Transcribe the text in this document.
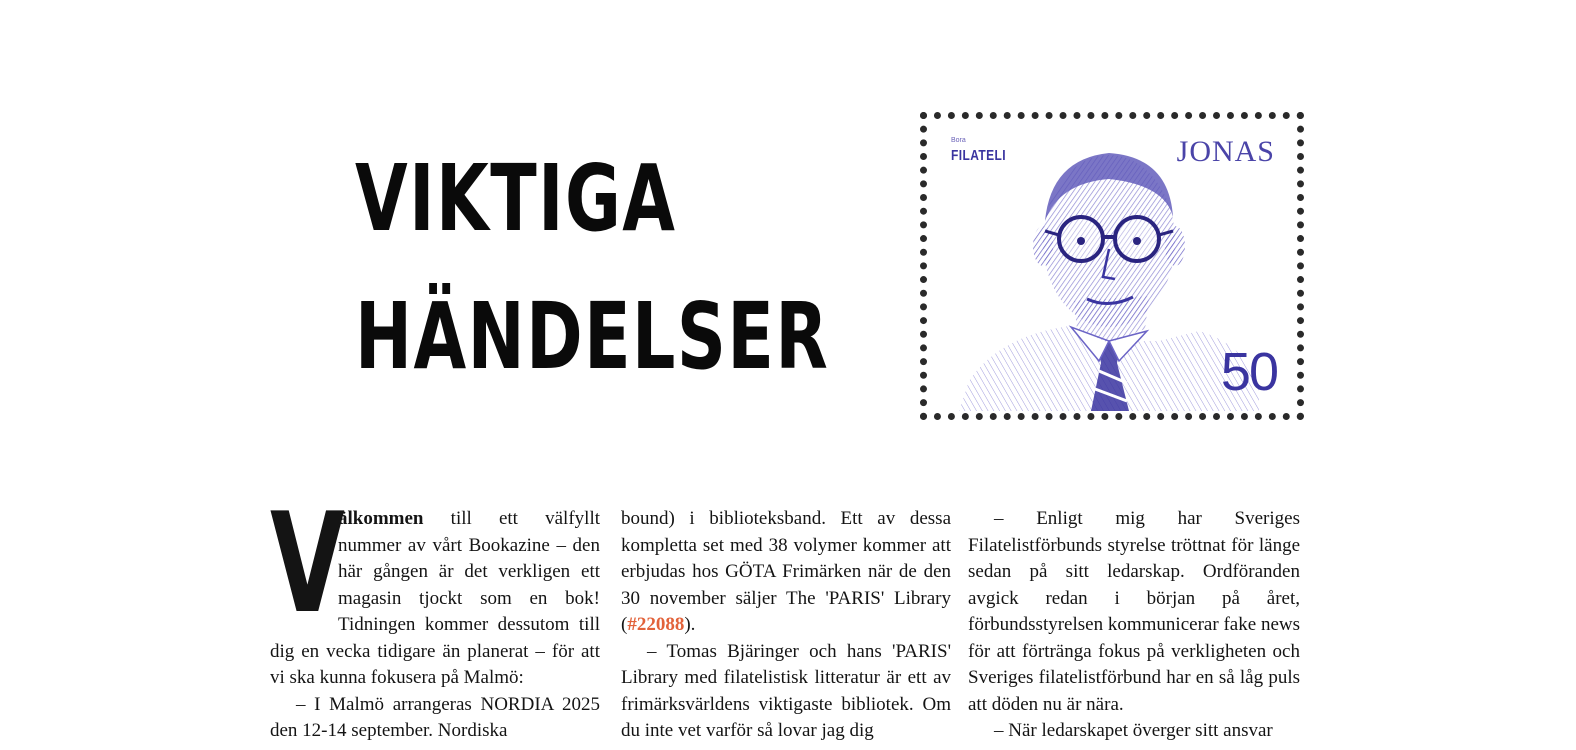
VIKTIGA
HÄNDELSER
Bora
FILATELI	JONAS
50

V
älkommen till ett välfyllt nummer av vårt Bookazine – den här gången är det verkligen ett magasin tjockt som en bok! Tidningen kommer dessutom till dig en vecka tidigare än planerat – för att vi ska kunna fokusera på Malmö:

– I Malmö arrangeras NORDIA 2025 den 12-14 september. Nordiska

bound) i biblioteksband. Ett av dessa kompletta set med 38 volymer kommer att erbjudas hos GÖTA Frimärken när de den 30 november säljer The 'PARIS' Library (#22088).

– Tomas Bjäringer och hans 'PARIS' Library med filatelistisk litteratur är ett av frimärksvärldens viktigaste bibliotek. Om du inte vet varför så lovar jag dig

– Enligt mig har Sveriges Filatelistförbunds styrelse tröttnat för länge sedan på sitt ledarskap. Ordföranden avgick redan i början på året, förbundsstyrelsen kommunicerar fake news för att förtränga fokus på verkligheten och Sveriges filatelistförbund har en så låg puls att döden nu är nära.

– När ledarskapet överger sitt ansvar
